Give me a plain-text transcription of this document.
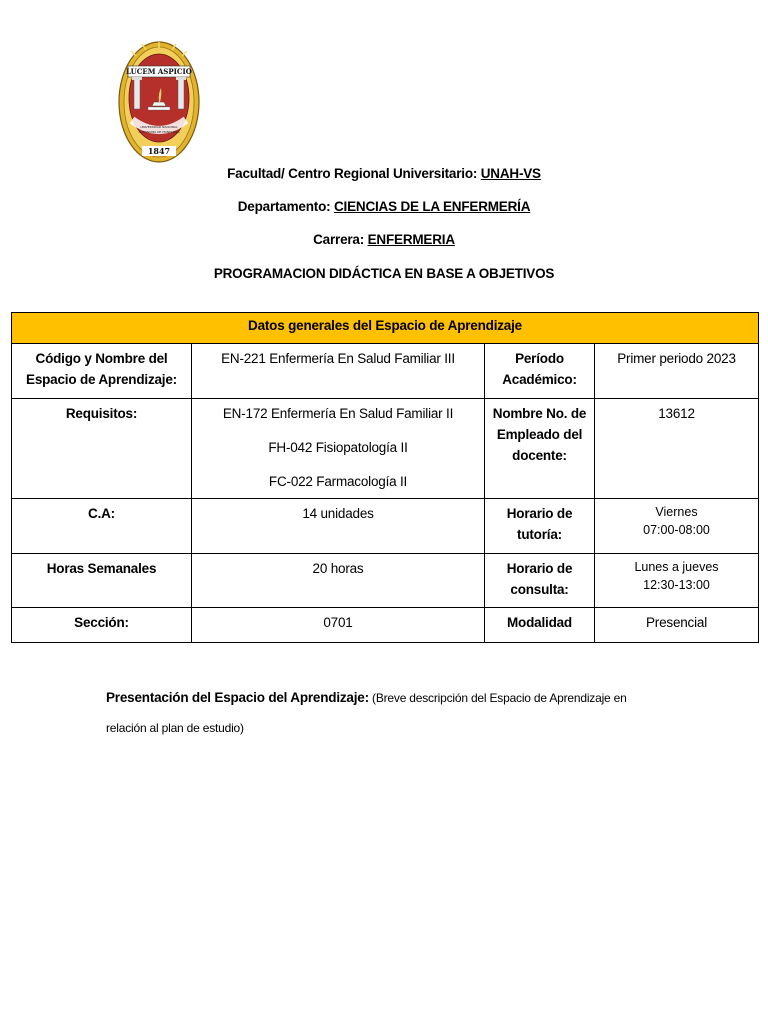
LUCEM ASPICIO
UNIVERSIDAD NACIONAL
AUTÓNOMA DE HONDURAS
1847
Facultad/ Centro Regional Universitario: UNAH-VS
Departamento: CIENCIAS DE LA ENFERMERÍA
Carrera: ENFERMERIA
PROGRAMACION DIDÁCTICA EN BASE A OBJETIVOS
Datos generales del Espacio de Aprendizaje			
Código y Nombre del Espacio de Aprendizaje:	EN-221 Enfermería En Salud Familiar III	Período Académico:	Primer periodo 2023
Requisitos:	EN-172 Enfermería En Salud Familiar II

FH-042 Fisiopatología II

FC-022 Farmacología II	Nombre No. de Empleado del docente:	13612
C.A:	14 unidades	Horario de tutoría:	Viernes
07:00-08:00

Horas Semanales	20 horas	Horario de consulta:	Lunes a jueves
12:30-13:00

Sección:	0701	Modalidad	Presencial
Presentación del Espacio del Aprendizaje: (Breve descripción del Espacio de Aprendizaje en relación al plan de estudio)
